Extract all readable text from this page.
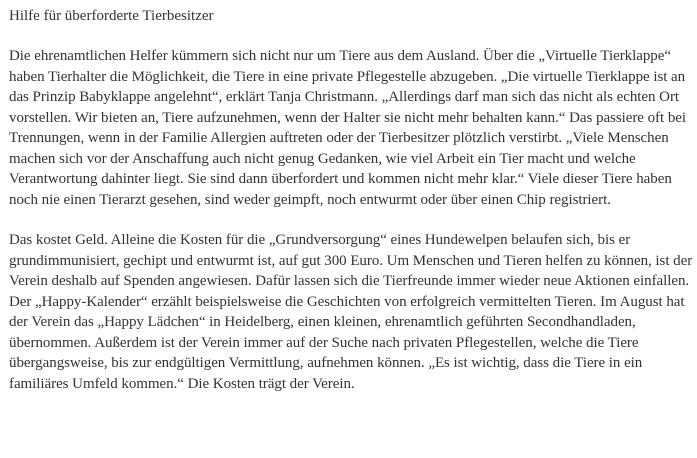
Hilfe für überforderte Tierbesitzer

Die ehrenamtlichen Helfer kümmern sich nicht nur um Tiere aus dem Ausland. Über die „Virtuelle Tierklappe“ haben Tierhalter die Möglichkeit, die Tiere in eine private Pflegestelle abzugeben. „Die virtuelle Tierklappe ist an das Prinzip Babyklappe angelehnt“, erklärt Tanja Christmann. „Allerdings darf man sich das nicht als echten Ort vorstellen. Wir bieten an, Tiere aufzunehmen, wenn der Halter sie nicht mehr behalten kann.“ Das passiere oft bei Trennungen, wenn in der Familie Allergien auftreten oder der Tierbesitzer plötzlich verstirbt. „Viele Menschen machen sich vor der Anschaffung auch nicht genug Gedanken, wie viel Arbeit ein Tier macht und welche Verantwortung dahinter liegt. Sie sind dann überfordert und kommen nicht mehr klar.“ Viele dieser Tiere haben noch nie einen Tierarzt gesehen, sind weder geimpft, noch entwurmt oder über einen Chip registriert.

Das kostet Geld. Alleine die Kosten für die „Grundversorgung“ eines Hundewelpen belaufen sich, bis er grundimmunisiert, gechipt und entwurmt ist, auf gut 300 Euro. Um Menschen und Tieren helfen zu können, ist der Verein deshalb auf Spenden angewiesen. Dafür lassen sich die Tierfreunde immer wieder neue Aktionen einfallen. Der „Happy-Kalender“ erzählt beispielsweise die Geschichten von erfolgreich vermittelten Tieren. Im August hat der Verein das „Happy Lädchen“ in Heidelberg, einen kleinen, ehrenamtlich geführten Secondhandladen, übernommen. Außerdem ist der Verein immer auf der Suche nach privaten Pflegestellen, welche die Tiere übergangsweise, bis zur endgültigen Vermittlung, aufnehmen können. „Es ist wichtig, dass die Tiere in ein familiäres Umfeld kommen.“ Die Kosten trägt der Verein.
